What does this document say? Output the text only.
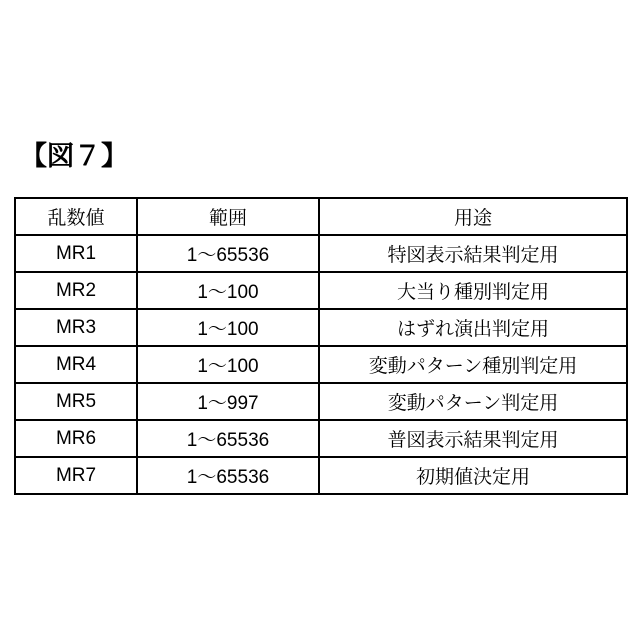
【図７】
乱数値	範囲	用途
MR1	1〜65536	特図表示結果判定用
MR2	1〜100	大当り種別判定用
MR3	1〜100	はずれ演出判定用
MR4	1〜100	変動パターン種別判定用
MR5	1〜997	変動パターン判定用
MR6	1〜65536	普図表示結果判定用
MR7	1〜65536	初期値決定用
